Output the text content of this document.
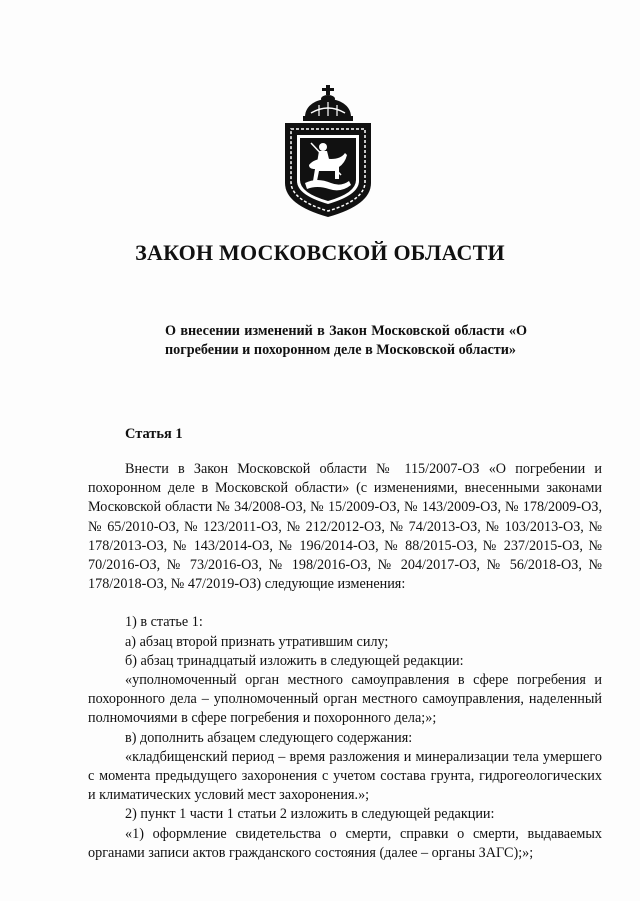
ЗАКОН МОСКОВСКОЙ ОБЛАСТИ
О внесении изменений в Закон Московской области «О погребении и похоронном деле в Московской области»
Статья 1

Внести в Закон Московской области № 115/2007-ОЗ «О погребении и похоронном деле в Московской области» (с изменениями, внесенными законами Московской области № 34/2008-ОЗ, № 15/2009-ОЗ, № 143/2009-ОЗ, № 178/2009-ОЗ, № 65/2010-ОЗ, № 123/2011-ОЗ, № 212/2012-ОЗ, № 74/2013-ОЗ, № 103/2013-ОЗ, № 178/2013-ОЗ, № 143/2014-ОЗ, № 196/2014-ОЗ, № 88/2015-ОЗ, № 237/2015-ОЗ, № 70/2016-ОЗ, № 73/2016-ОЗ, № 198/2016-ОЗ, № 204/2017-ОЗ, № 56/2018-ОЗ, № 178/2018-ОЗ, № 47/2019-ОЗ) следующие изменения:

1) в статье 1:

а) абзац второй признать утратившим силу;

б) абзац тринадцатый изложить в следующей редакции:

«уполномоченный орган местного самоуправления в сфере погребения и похоронного дела – уполномоченный орган местного самоуправления, наделенный полномочиями в сфере погребения и похоронного дела;»;

в) дополнить абзацем следующего содержания:

«кладбищенский период – время разложения и минерализации тела умершего с момента предыдущего захоронения с учетом состава грунта, гидрогеологических и климатических условий мест захоронения.»;

2) пункт 1 части 1 статьи 2 изложить в следующей редакции:

«1) оформление свидетельства о смерти, справки о смерти, выдаваемых органами записи актов гражданского состояния (далее – органы ЗАГС);»;
